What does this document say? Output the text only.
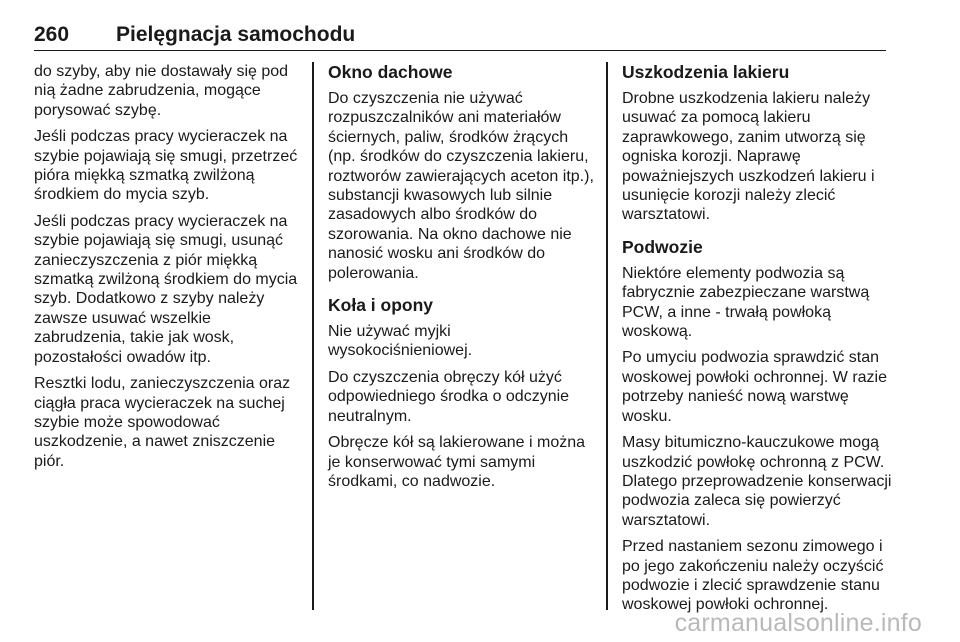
260	Pielęgnacja samochodu

do szyby, aby nie dostawały się pod nią żadne zabrudzenia, mogące porysować szybę.

Jeśli podczas pracy wycieraczek na szybie pojawiają się smugi, przetrzeć pióra miękką szmatką zwilżoną środkiem do mycia szyb.

Jeśli podczas pracy wycieraczek na szybie pojawiają się smugi, usunąć zanieczyszczenia z piór miękką szmatką zwilżoną środkiem do mycia szyb. Dodatkowo z szyby należy zawsze usuwać wszelkie zabrudzenia, takie jak wosk, pozostałości owadów itp.

Resztki lodu, zanieczyszczenia oraz ciągła praca wycieraczek na suchej szybie może spowodować uszkodzenie, a nawet zniszczenie piór.

Okno dachowe

Do czyszczenia nie używać rozpuszczalników ani materiałów ściernych, paliw, środków żrących (np. środków do czyszczenia lakieru, roztworów zawierających aceton itp.), substancji kwasowych lub silnie zasadowych albo środków do szorowania. Na okno dachowe nie nanosić wosku ani środków do polerowania.

Koła i opony

Nie używać myjki wysokociśnieniowej.

Do czyszczenia obręczy kół użyć odpowiedniego środka o odczynie neutralnym.

Obręcze kół są lakierowane i można je konserwować tymi samymi środkami, co nadwozie.

Uszkodzenia lakieru

Drobne uszkodzenia lakieru należy usuwać za pomocą lakieru zaprawkowego, zanim utworzą się ogniska korozji. Naprawę poważniejszych uszkodzeń lakieru i usunięcie korozji należy zlecić warsztatowi.

Podwozie

Niektóre elementy podwozia są fabrycznie zabezpieczane warstwą PCW, a inne - trwałą powłoką woskową.

Po umyciu podwozia sprawdzić stan woskowej powłoki ochronnej. W razie potrzeby nanieść nową warstwę wosku.

Masy bitumiczno-kauczukowe mogą uszkodzić powłokę ochronną z PCW. Dlatego przeprowadzenie konserwacji podwozia zaleca się powierzyć warsztatowi.

Przed nastaniem sezonu zimowego i po jego zakończeniu należy oczyścić podwozie i zlecić sprawdzenie stanu woskowej powłoki ochronnej.

carmanualsonline.info
